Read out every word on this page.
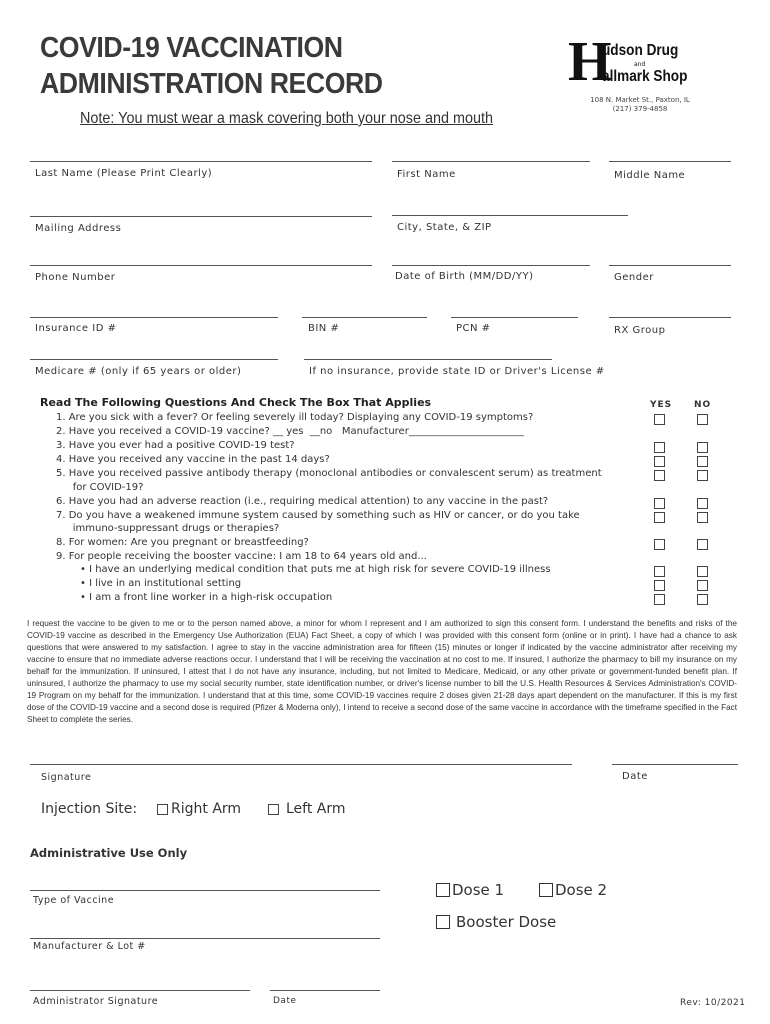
COVID-19 VACCINATION
ADMINISTRATION RECORD
Note: You must wear a mask covering both your nose and mouth
H
udson Drug
and
allmark Shop
108 N. Market St., Paxton, IL
(217) 379-4858
Last Name (Please Print Clearly)	First Name	Middle Name
Mailing Address	City, State, & ZIP
Phone Number	Date of Birth (MM/DD/YY)	Gender
Insurance ID #	BIN #	PCN #	RX Group
Medicare # (only if 65 years or older)	If no insurance, provide state ID or Driver's License #
Read The Following Questions And Check The Box That Applies	YES NO
1. Are you sick with a fever? Or feeling severely ill today? Displaying any COVID-19 symptoms?
2. Have you received a COVID-19 vaccine? __ yes  __no   Manufacturer_______________________
3. Have you ever had a positive COVID-19 test?
4. Have you received any vaccine in the past 14 days?
5. Have you received passive antibody therapy (monoclonal antibodies or convalescent serum) as treatment
for COVID-19?
6. Have you had an adverse reaction (i.e., requiring medical attention) to any vaccine in the past?
7. Do you have a weakened immune system caused by something such as HIV or cancer, or do you take
immuno-suppressant drugs or therapies?
8. For women: Are you pregnant or breastfeeding?
9. For people receiving the booster vaccine: I am 18 to 64 years old and...
• I have an underlying medical condition that puts me at high risk for severe COVID-19 illness
• I live in an institutional setting
• I am a front line worker in a high-risk occupation
I request the vaccine to be given to me or to the person named above, a minor for whom I represent and I am authorized to sign this consent form. I understand the benefits and risks of the COVID-19 vaccine as described in the Emergency Use Authorization (EUA) Fact Sheet, a copy of which I was provided with this consent form (online or in print). I have had a chance to ask questions that were answered to my satisfaction. I agree to stay in the vaccine administration area for fifteen (15) minutes or longer if indicated by the vaccine administrator after receiving my vaccine to ensure that no immediate adverse reactions occur. I understand that I will be receiving the vaccination at no cost to me. If insured, I authorize the pharmacy to bill my insurance on my behalf for the immunization. If uninsured, I attest that I do not have any insurance, including, but not limited to Medicare, Medicaid, or any other private or government-funded benefit plan. If uninsured, I authorize the pharmacy to use my social security number, state identification number, or driver's license number to bill the U.S. Health Resources & Services Administration's COVID-19 Program on my behalf for the immunization. I understand that at this time, some COVID-19 vaccines require 2 doses given 21-28 days apart dependent on the manufacturer. If this is my first dose of the COVID-19 vaccine and a second dose is required (Pfizer & Moderna only), I intend to receive a second dose of the same vaccine in accordance with the timeframe specified in the Fact Sheet to complete the series.
Signature	Date
Injection Site: Right Arm	Left Arm
Administrative Use Only
Type of Vaccine
Dose 1	Dose 2
Booster Dose
Manufacturer & Lot #
Administrator Signature	Date	Rev: 10/2021
